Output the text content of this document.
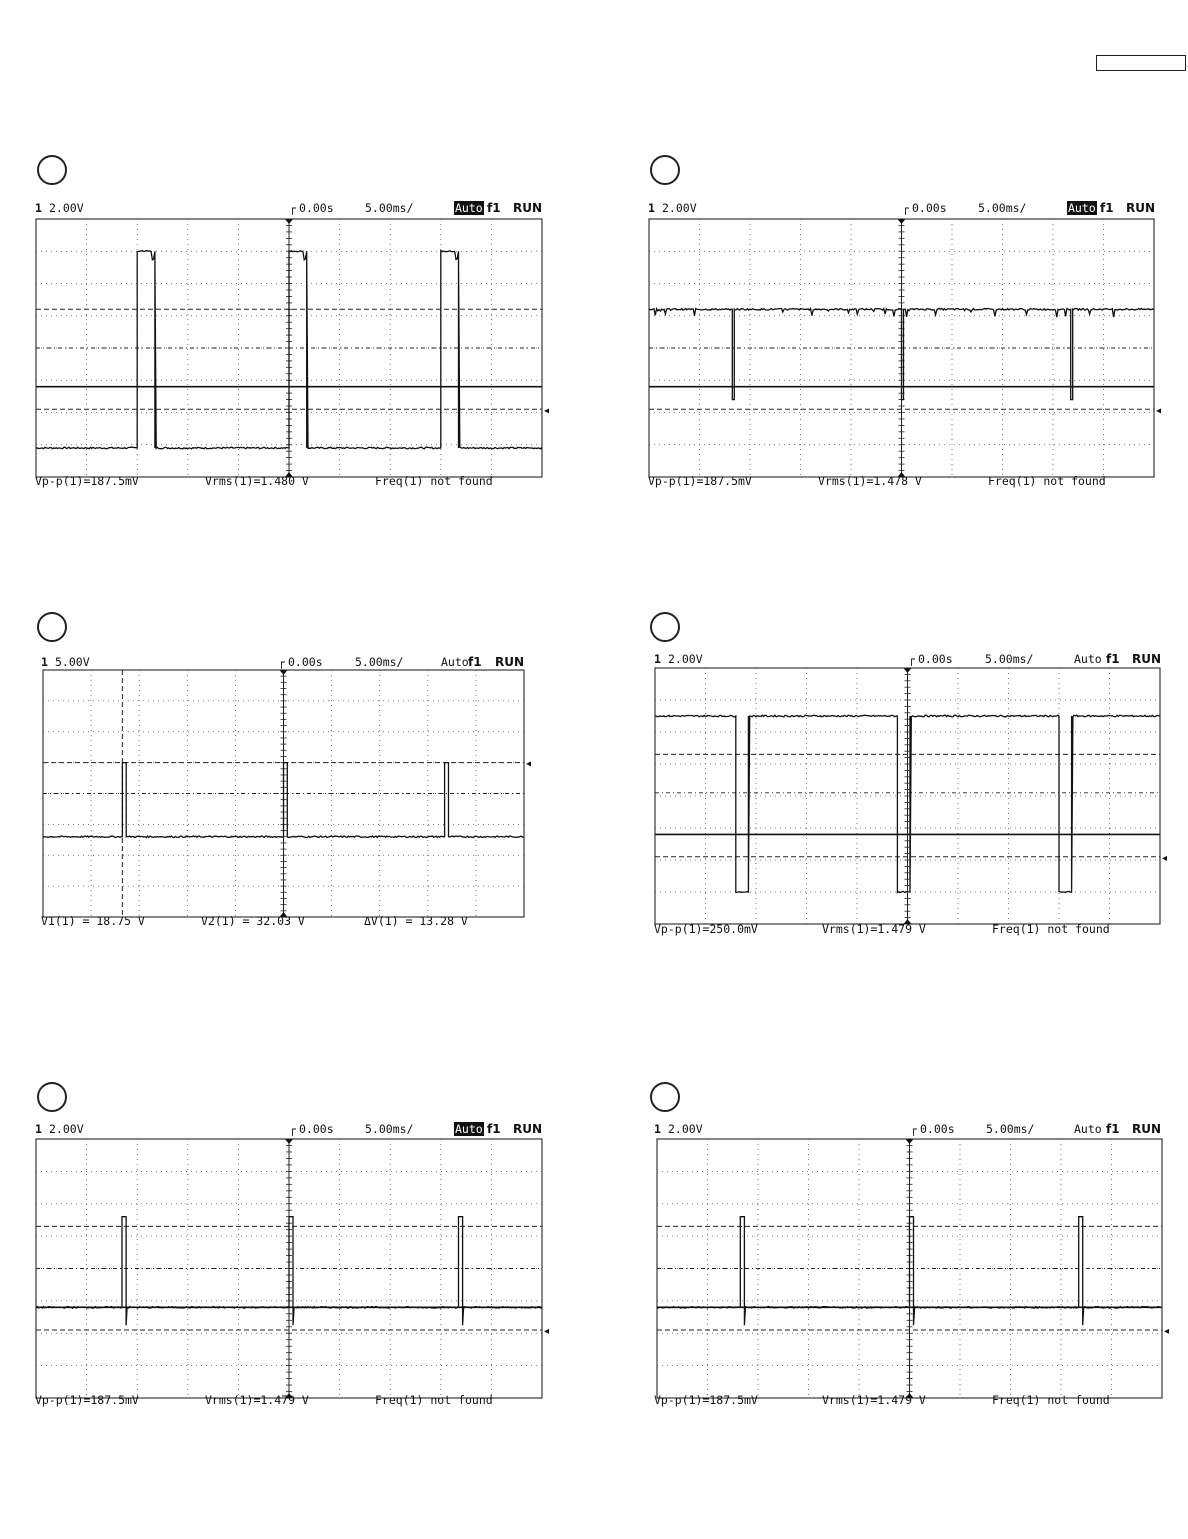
1 2.00V	┌ 0.00s	5.00ms/	Auto f1 RUN
◂
Vp-p(1)=187.5mV	Vrms(1)=1.480 V	Freq(1) not found
1 2.00V	┌ 0.00s	5.00ms/	Auto f1 RUN
◂
Vp-p(1)=187.5mV	Vrms(1)=1.478 V	Freq(1) not found
1 5.00V	┌ 0.00s	5.00ms/	Auto f1 RUN
◂
V1(1) = 18.75 V	V2(1) = 32.03 V	ΔV(1) = 13.28 V
1 2.00V	┌ 0.00s	5.00ms/	Auto f1 RUN
◂
Vp-p(1)=250.0mV	Vrms(1)=1.479 V	Freq(1) not found
1 2.00V	┌ 0.00s	5.00ms/	Auto f1 RUN
◂
Vp-p(1)=187.5mV	Vrms(1)=1.479 V	Freq(1) not found
1 2.00V	┌ 0.00s	5.00ms/	Auto f1 RUN
◂
Vp-p(1)=187.5mV	Vrms(1)=1.479 V	Freq(1) not found
